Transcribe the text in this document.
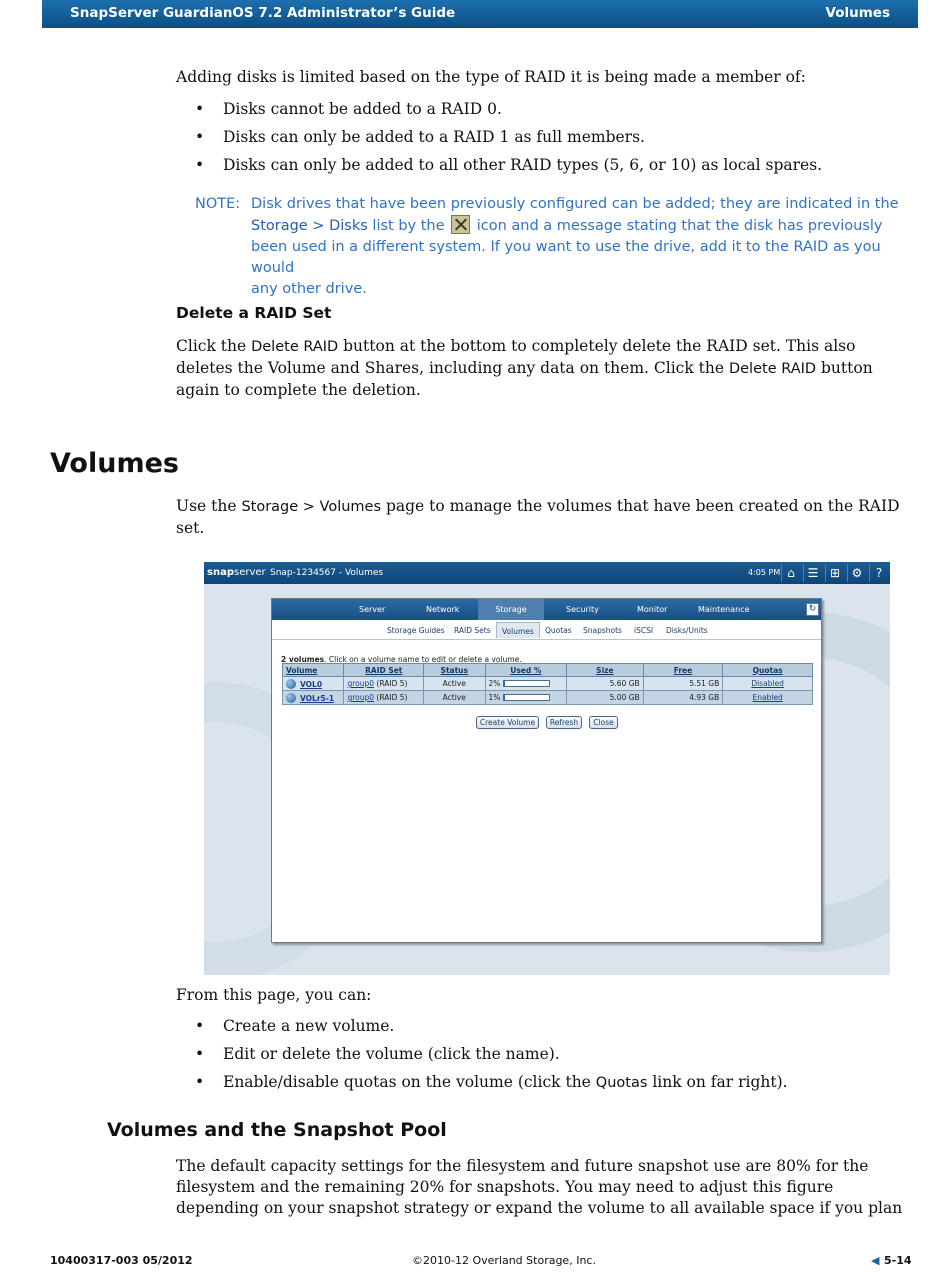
SnapServer GuardianOS 7.2 Administrator’s Guide	Volumes
Adding disks is limited based on the type of RAID it is being made a member of:
• Disks cannot be added to a RAID 0.
• Disks can only be added to a RAID 1 as full members.
• Disks can only be added to all other RAID types (5, 6, or 10) as local spares.
NOTE: Disk drives that have been previously configured can be added; they are indicated in the
Storage > Disks list by the  icon and a message stating that the disk has previously
been used in a different system. If you want to use the drive, add it to the RAID as you would
any other drive.
Delete a RAID Set
Click the Delete RAID button at the bottom to completely delete the RAID set. This also
deletes the Volume and Shares, including any data on them. Click the Delete RAID button
again to complete the deletion.
Volumes
Use the Storage > Volumes page to manage the volumes that have been created on the RAID
set.
snapserver Snap-1234567 - Volumes	4:05 PM ⌂	☰ ⊞ ⚙	?
Server	Network	Storage	Security	Monitor	Maintenance	↻
Storage Guides RAID Sets	Volumes	Quotas Snapshots iSCSI Disks/Units
2 volumes. Click on a volume name to edit or delete a volume.
Volume	RAID Set	Status	Used %	Size	Free	Quotas
VOL0	group0 (RAID 5)	Active	2%	5.60 GB	5.51 GB	Disabled
VOLr5-1	group0 (RAID 5)	Active	1%	5.00 GB	4.93 GB	Enabled
Create Volume	Refresh	Close
From this page, you can:
• Create a new volume.
• Edit or delete the volume (click the name).
• Enable/disable quotas on the volume (click the Quotas link on far right).
Volumes and the Snapshot Pool
The default capacity settings for the filesystem and future snapshot use are 80% for the
filesystem and the remaining 20% for snapshots. You may need to adjust this figure
depending on your snapshot strategy or expand the volume to all available space if you plan
10400317-003 05/2012	©2010-12 Overland Storage, Inc.	◀ 5-14
